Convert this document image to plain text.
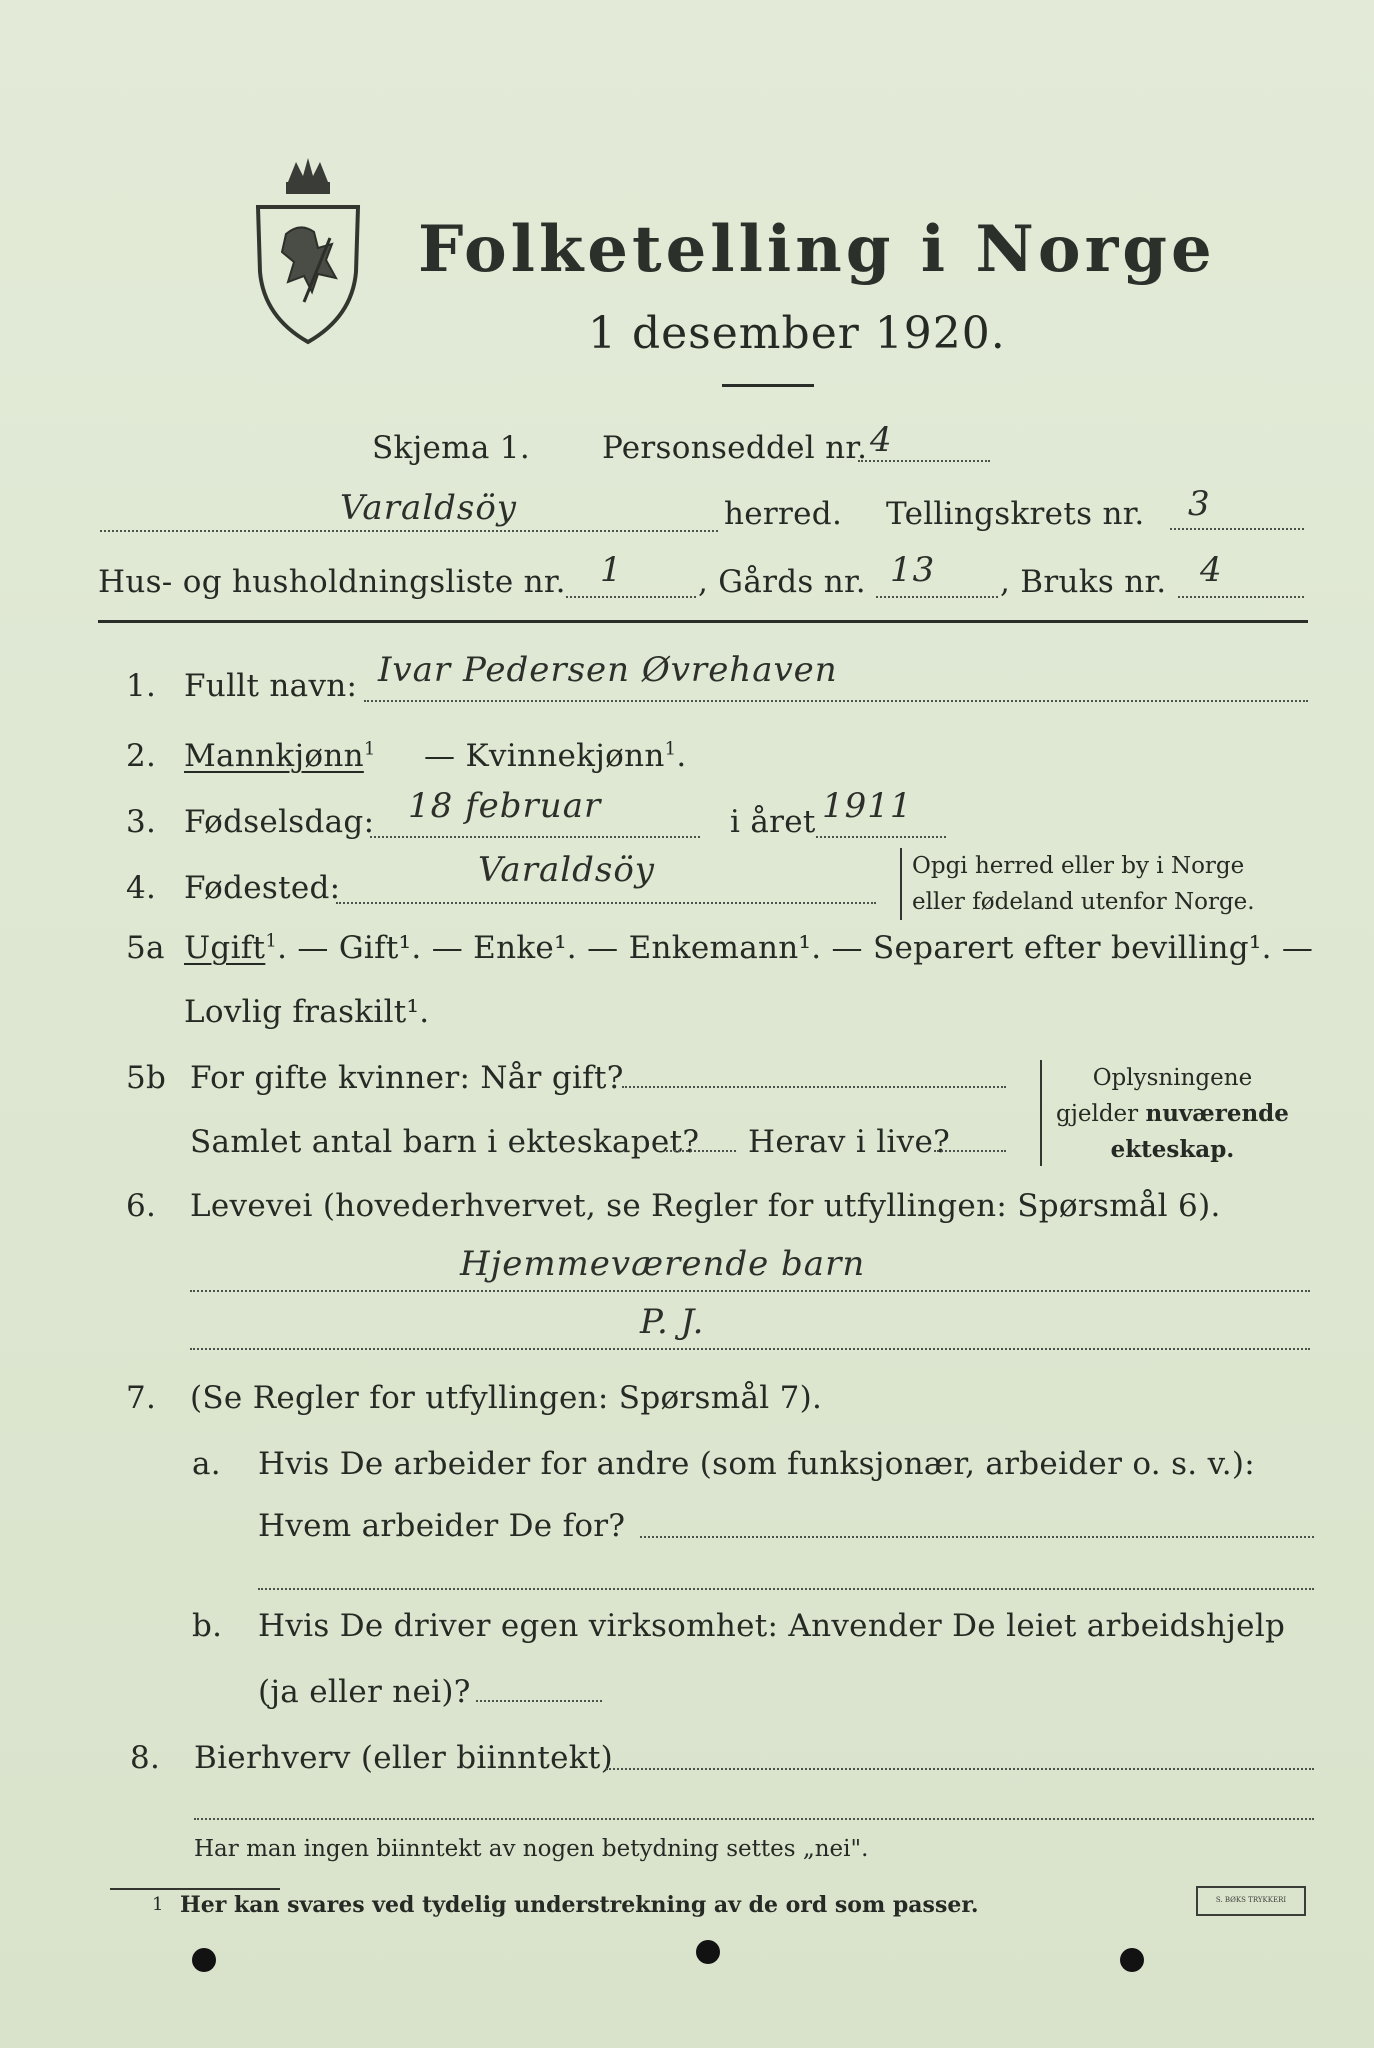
Folketelling i Norge
1 desember 1920.
Skjema 1. Personseddel nr. 4
Varaldsöy	herred. Tellingskrets nr. 3
Hus- og husholdningsliste nr. 1 , Gårds nr. 13 , Bruks nr. 4
1. Fullt navn: Ivar Pedersen Øvrehaven
2. Mannkjønn$^1$ — Kvinnekjønn$^1$.
3. Fødselsdag: 18 februar	i året 1911
4. Fødested:	Varaldsöy	Opgi herred eller by i Norge
eller fødeland utenfor Norge.
5a Ugift$^1$. — Gift¹. — Enke¹. — Enkemann¹. — Separert efter bevilling¹. —
Lovlig fraskilt¹.
5b For gifte kvinner: Når gift?
Samlet antal barn i ekteskapet? Herav i live?
Oplysningene
gjelder nuværende
ekteskap.
6. Levevei (hovederhvervet, se Regler for utfyllingen: Spørsmål 6).
Hjemmeværende barn
P. J.
7. (Se Regler for utfyllingen: Spørsmål 7).
a. Hvis De arbeider for andre (som funksjonær, arbeider o. s. v.):
Hvem arbeider De for?
b. Hvis De driver egen virksomhet: Anvender De leiet arbeidshjelp
(ja eller nei)?
8. Bierhverv (eller biinntekt)
Har man ingen biinntekt av nogen betydning settes „nei".
1 Her kan svares ved tydelig understrekning av de ord som passer.	S. BØKS TRYKKERI
